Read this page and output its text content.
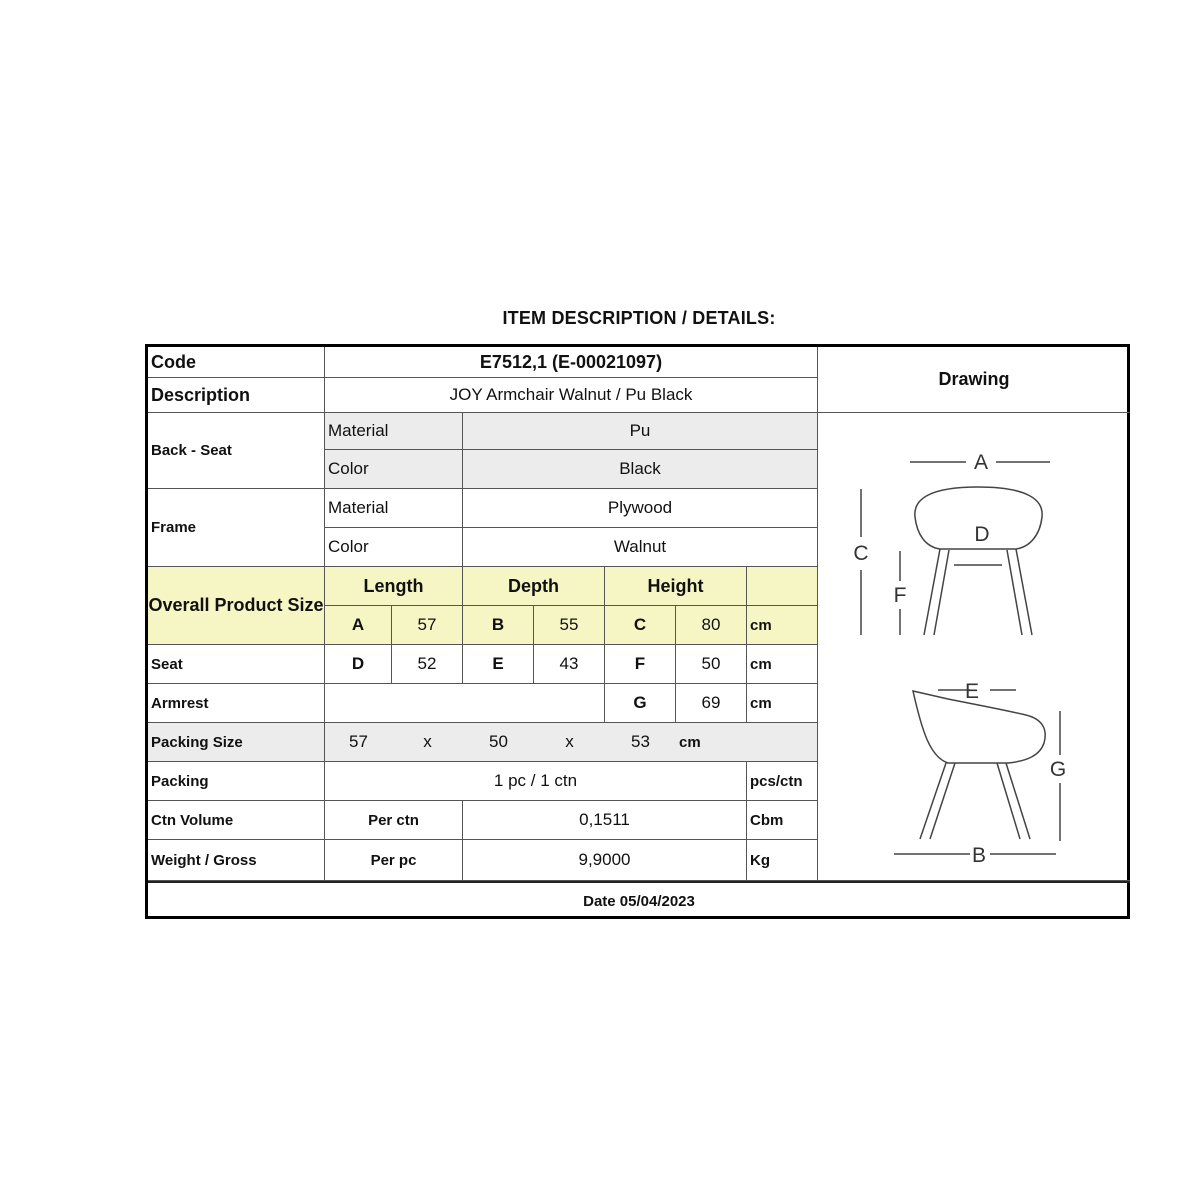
ITEM DESCRIPTION / DETAILS:
Code	E7512,1 (E-00021097)
Description	JOY Armchair Walnut / Pu Black
Drawing
Back - Seat
Material	Pu
Color	Black
Frame
Material	Plywood
Color	Walnut
Overall Product Size
Length	Depth	Height
A	57	B	55	C	80	cm
Seat	D	52	E	43	F	50	cm
Armrest	G	69	cm
Packing Size	57	x	50	x	53	cm
Packing	1 pc / 1 ctn	pcs/ctn
Ctn Volume	Per ctn	0,1511	Cbm
Weight / Gross	Per pc	9,9000	Kg
A
D
C
F
E
G
B
Date 05/04/2023
